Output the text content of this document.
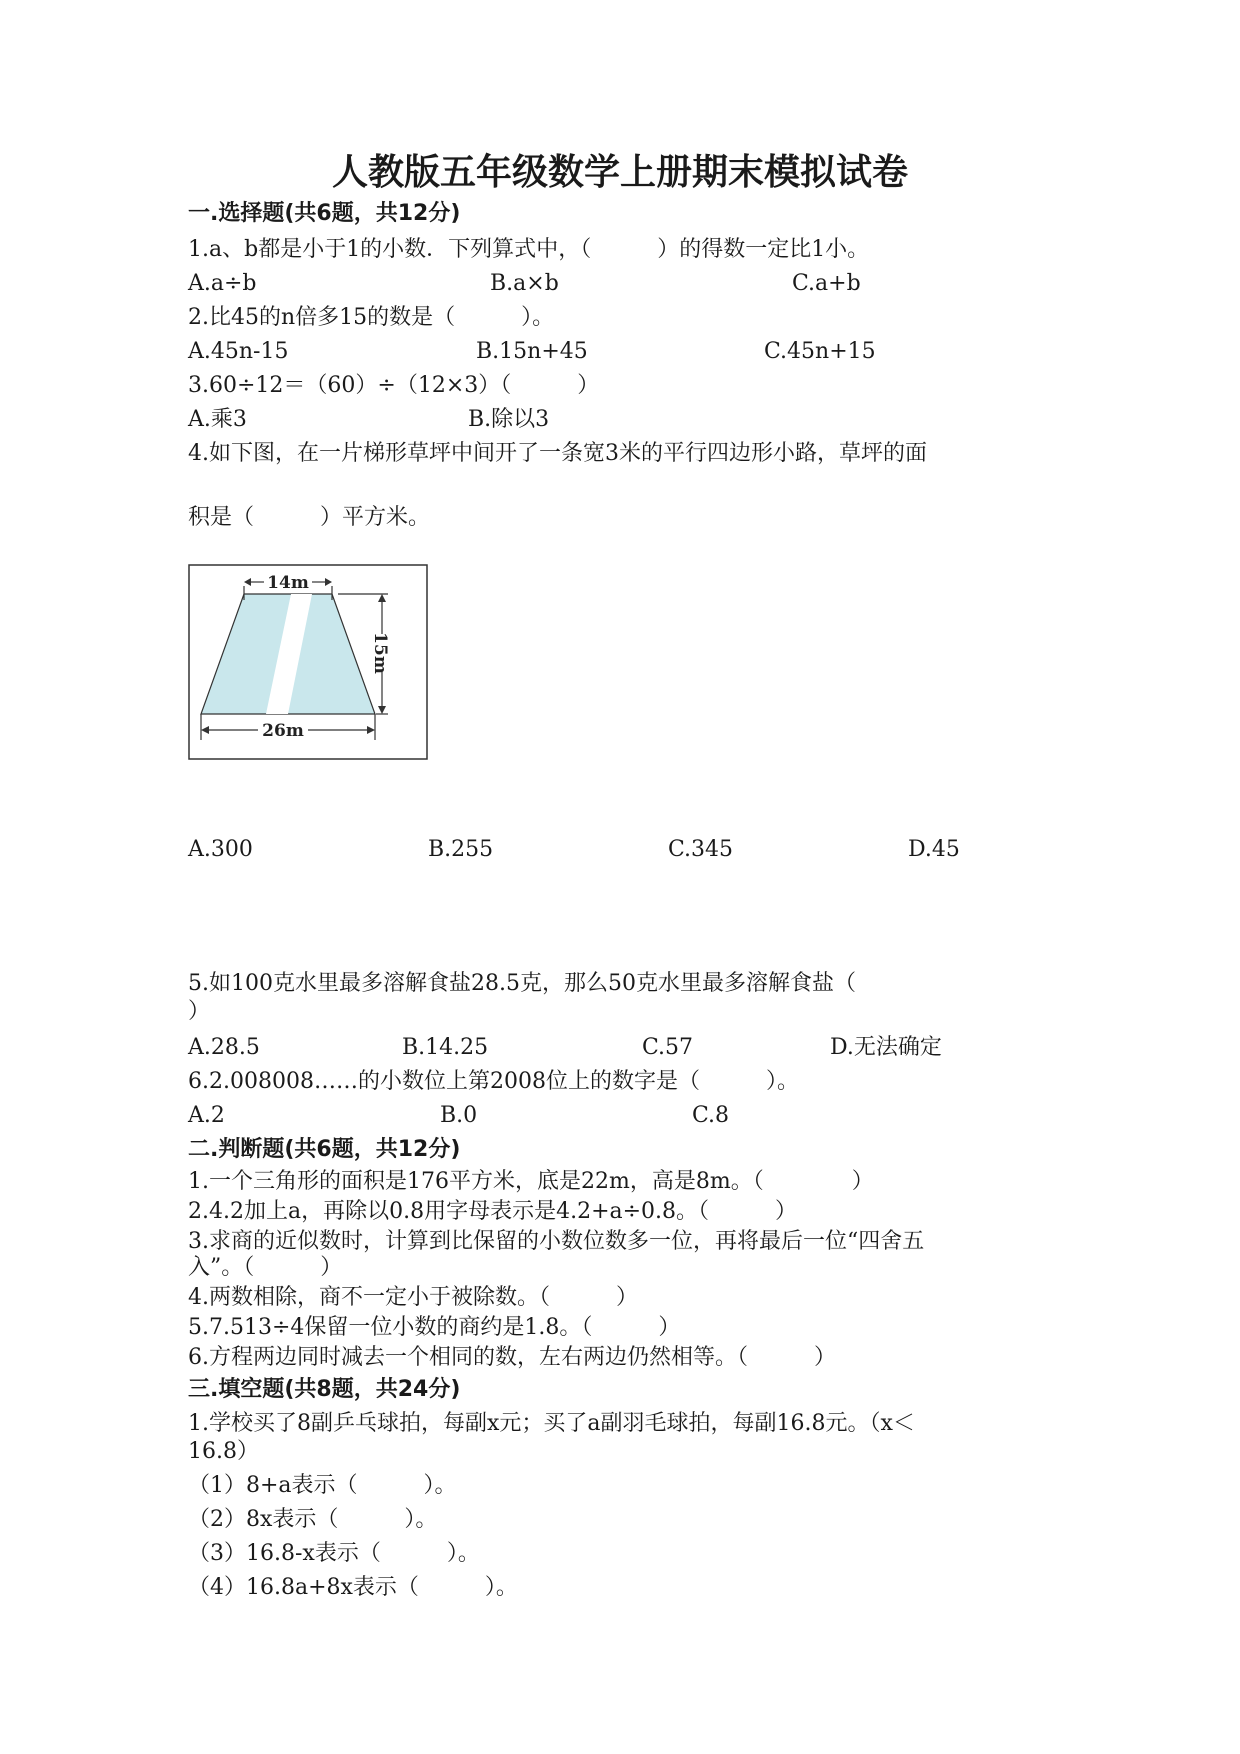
人教版五年级数学上册期末模拟试卷
一.选择题(共6题，共12分)
1.a、b都是小于1的小数．下列算式中，（　　　）的得数一定比1小。
A.a÷b	B.a×b	C.a+b
2.比45的n倍多15的数是（　　　）。
A.45n-15	B.15n+45	C.45n+15
3.60÷12＝（60）÷（12×3）（　　　）
A.乘3	B.除以3
4.如下图，在一片梯形草坪中间开了一条宽3米的平行四边形小路，草坪的面
积是（　　　）平方米。
14m
15m
26m
A.300	B.255	C.345	D.45
5.如100克水里最多溶解食盐28.5克，那么50克水里最多溶解食盐（
）
A.28.5	B.14.25	C.57	D.无法确定
6.2.008008……的小数位上第2008位上的数字是（　　　）。
A.2	B.0	C.8
二.判断题(共6题，共12分)
1.一个三角形的面积是176平方米，底是22m，高是8m。（　　　　）
2.4.2加上a，再除以0.8用字母表示是4.2+a÷0.8。（　　　）
3.求商的近似数时，计算到比保留的小数位数多一位，再将最后一位“四舍五
入”。（　　　）
4.两数相除，商不一定小于被除数。（　　　）
5.7.513÷4保留一位小数的商约是1.8。（　　　）
6.方程两边同时减去一个相同的数，左右两边仍然相等。（　　　）
三.填空题(共8题，共24分)
1.学校买了8副乒乓球拍，每副x元；买了a副羽毛球拍，每副16.8元。（x＜
16.8）
（1）8+a表示（　　　）。
（2）8x表示（　　　）。
（3）16.8-x表示（　　　）。
（4）16.8a+8x表示（　　　）。
